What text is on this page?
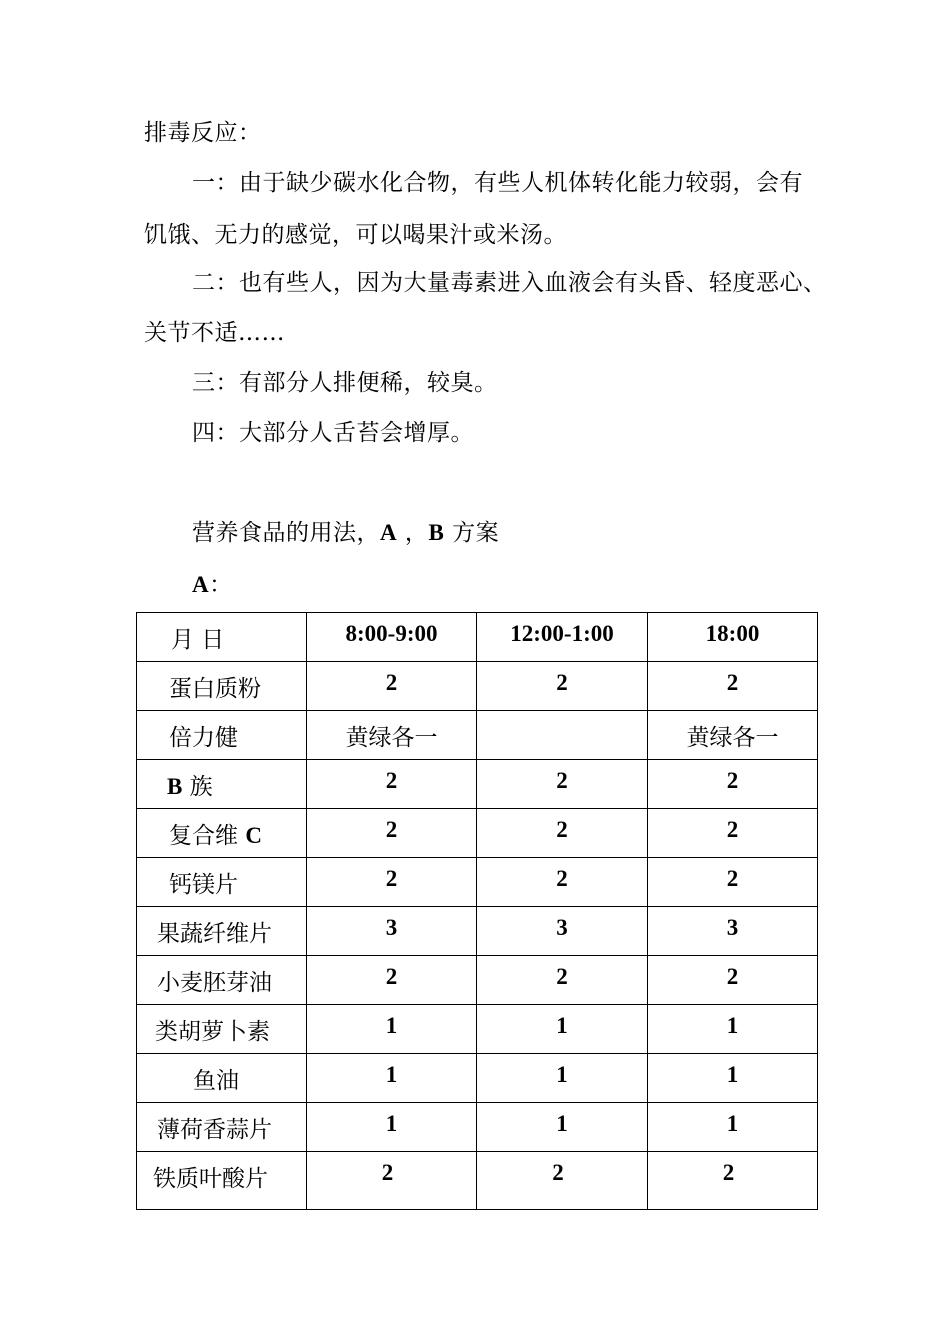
排毒反应：
一：由于缺少碳水化合物，有些人机体转化能力较弱，会有
饥饿、无力的感觉，可以喝果汁或米汤。
二：也有些人，因为大量毒素进入血液会有头昏、轻度恶心、
关节不适……
三：有部分人排便稀，较臭。
四：大部分人舌苔会增厚。
营养食品的用法，A ，B 方案
A：
月 日	8:00-9:00	12:00-1:00	18:00
蛋白质粉	2	2	2
倍力健	黄绿各一		黄绿各一
B 族	2	2	2
复合维 C	2	2	2
钙镁片	2	2	2
果蔬纤维片	3	3	3
小麦胚芽油	2	2	2
类胡萝卜素	1	1	1
鱼油	1	1	1
薄荷香蒜片	1	1	1
铁质叶酸片	2	2	2
